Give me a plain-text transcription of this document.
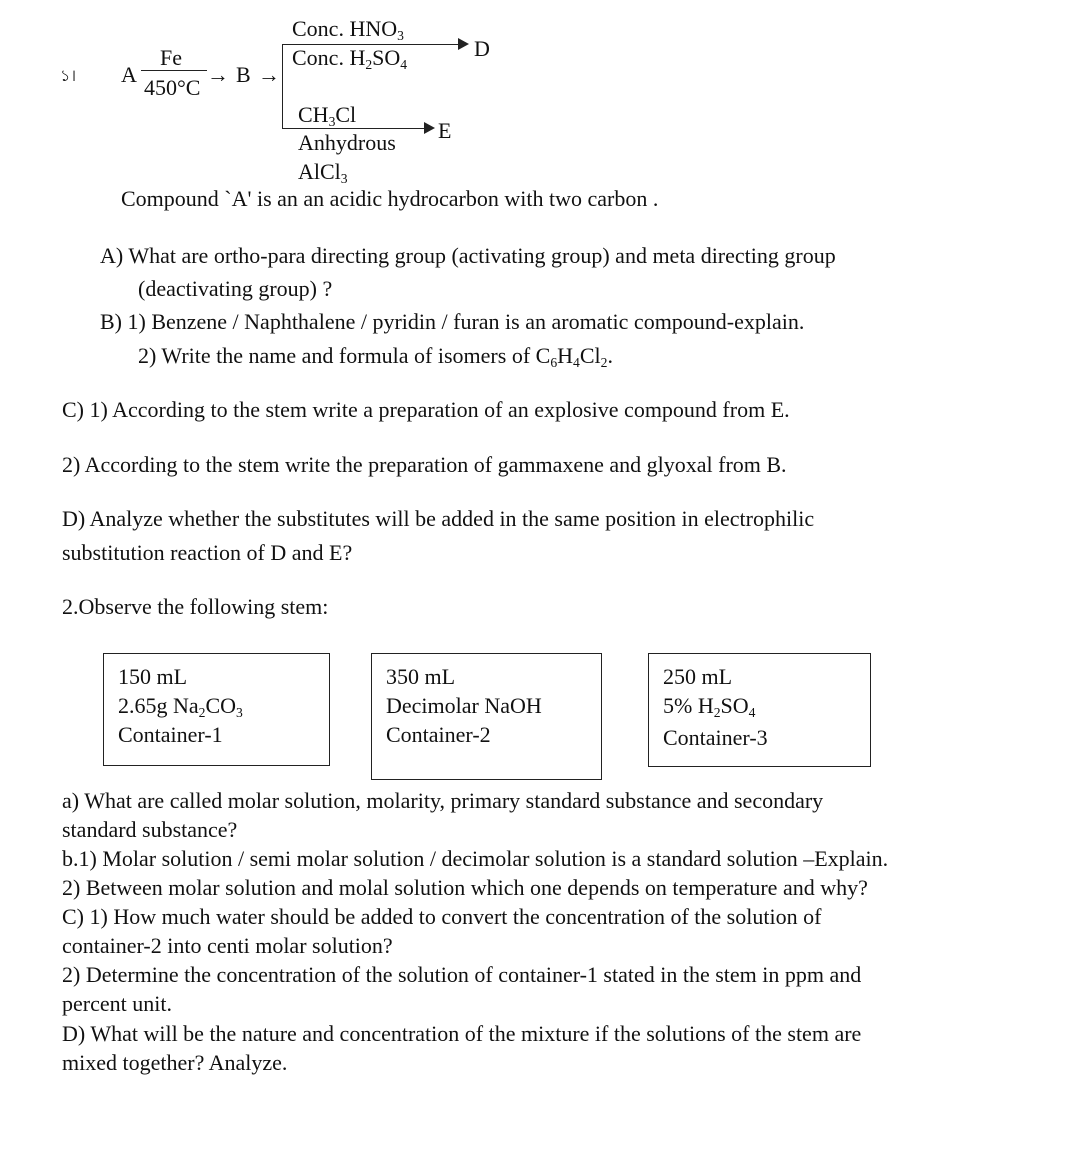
১। A
Fe
450°C
→ B →
Conc. $HNO_3$
Conc. $H_2SO_4$
D
$CH_3Cl$
Anhydrous
AlCl$_3$
E
Compound `A' is an an acidic hydrocarbon with two carbon .
A) What are ortho-para directing group (activating group) and meta directing group
(deactivating group) ?
B) 1) Benzene / Naphthalene / pyridin / furan is an aromatic compound-explain.
2) Write the name and formula of isomers of $C_6H_4Cl_2$.
C) 1) According to the stem write a preparation of an explosive compound from E.
2) According to the stem write the preparation of gammaxene and glyoxal from B.
D) Analyze whether the substitutes will be added in the same position in electrophilic
substitution reaction of D and E?
2.Observe the following stem:
150 mL
2.65g $Na_2CO_3$
Container-1
350 mL
Decimolar NaOH
Container-2
250 mL
5% $H_2SO_4$
Container-3
a) What are called molar solution, molarity, primary standard substance and secondary
standard substance?
b.1) Molar solution / semi molar solution / decimolar solution is a standard solution –Explain.
2) Between molar solution and molal solution which one depends on temperature and why?
C) 1) How much water should be added to convert the concentration of the solution of
container-2 into centi molar solution?
2) Determine the concentration of the solution of container-1 stated in the stem in ppm and
percent unit.
D) What will be the nature and concentration of the mixture if the solutions of the stem are
mixed together? Analyze.
